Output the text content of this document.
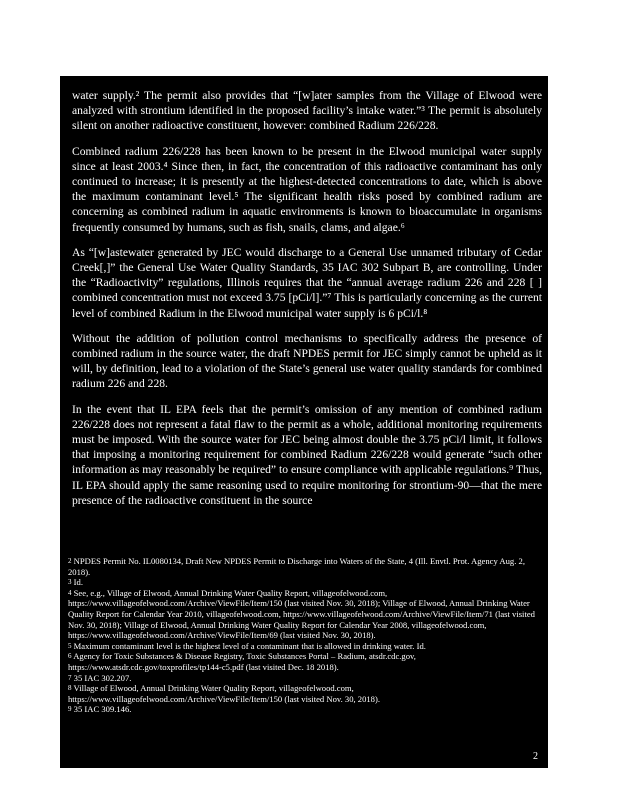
water supply.² The permit also provides that “[w]ater samples from the Village of Elwood were analyzed with strontium identified in the proposed facility’s intake water.”³ The permit is absolutely silent on another radioactive constituent, however: combined Radium 226/228.

Combined radium 226/228 has been known to be present in the Elwood municipal water supply since at least 2003.⁴ Since then, in fact, the concentration of this radioactive contaminant has only continued to increase; it is presently at the highest-detected concentrations to date, which is above the maximum contaminant level.⁵ The significant health risks posed by combined radium are concerning as combined radium in aquatic environments is known to bioaccumulate in organisms frequently consumed by humans, such as fish, snails, clams, and algae.⁶

As “[w]astewater generated by JEC would discharge to a General Use unnamed tributary of Cedar Creek[,]” the General Use Water Quality Standards, 35 IAC 302 Subpart B, are controlling. Under the “Radioactivity” regulations, Illinois requires that the “annual average radium 226 and 228 [ ] combined concentration must not exceed 3.75 [pCi/l].”⁷ This is particularly concerning as the current level of combined Radium in the Elwood municipal water supply is 6 pCi/l.⁸

Without the addition of pollution control mechanisms to specifically address the presence of combined radium in the source water, the draft NPDES permit for JEC simply cannot be upheld as it will, by definition, lead to a violation of the State’s general use water quality standards for combined radium 226 and 228.

In the event that IL EPA feels that the permit’s omission of any mention of combined radium 226/228 does not represent a fatal flaw to the permit as a whole, additional monitoring requirements must be imposed. With the source water for JEC being almost double the 3.75 pCi/l limit, it follows that imposing a monitoring requirement for combined Radium 226/228 would generate “such other information as may reasonably be required” to ensure compliance with applicable regulations.⁹ Thus, IL EPA should apply the same reasoning used to require monitoring for strontium-90—that the mere presence of the radioactive constituent in the source

$^2$ NPDES Permit No. IL0080134, Draft New NPDES Permit to Discharge into Waters of the State, 4 (Ill. Envtl. Prot. Agency Aug. 2, 2018).

$^3$ Id.

$^4$ See, e.g., Village of Elwood, Annual Drinking Water Quality Report, villageofelwood.com, https://www.villageofelwood.com/Archive/ViewFile/Item/150 (last visited Nov. 30, 2018); Village of Elwood, Annual Drinking Water Quality Report for Calendar Year 2010, villageofelwood.com, https://www.villageofelwood.com/Archive/ViewFile/Item/71 (last visited Nov. 30, 2018); Village of Elwood, Annual Drinking Water Quality Report for Calendar Year 2008, villageofelwood.com, https://www.villageofelwood.com/Archive/ViewFile/Item/69 (last visited Nov. 30, 2018).

$^5$ Maximum contaminant level is the highest level of a contaminant that is allowed in drinking water. Id.

$^6$ Agency for Toxic Substances & Disease Registry, Toxic Substances Portal – Radium, atsdr.cdc.gov, https://www.atsdr.cdc.gov/toxprofiles/tp144-c5.pdf (last visited Dec. 18 2018).

$^7$ 35 IAC 302.207.

$^8$ Village of Elwood, Annual Drinking Water Quality Report, villageofelwood.com, https://www.villageofelwood.com/Archive/ViewFile/Item/150 (last visited Nov. 30, 2018).

$^9$ 35 IAC 309.146.

2
